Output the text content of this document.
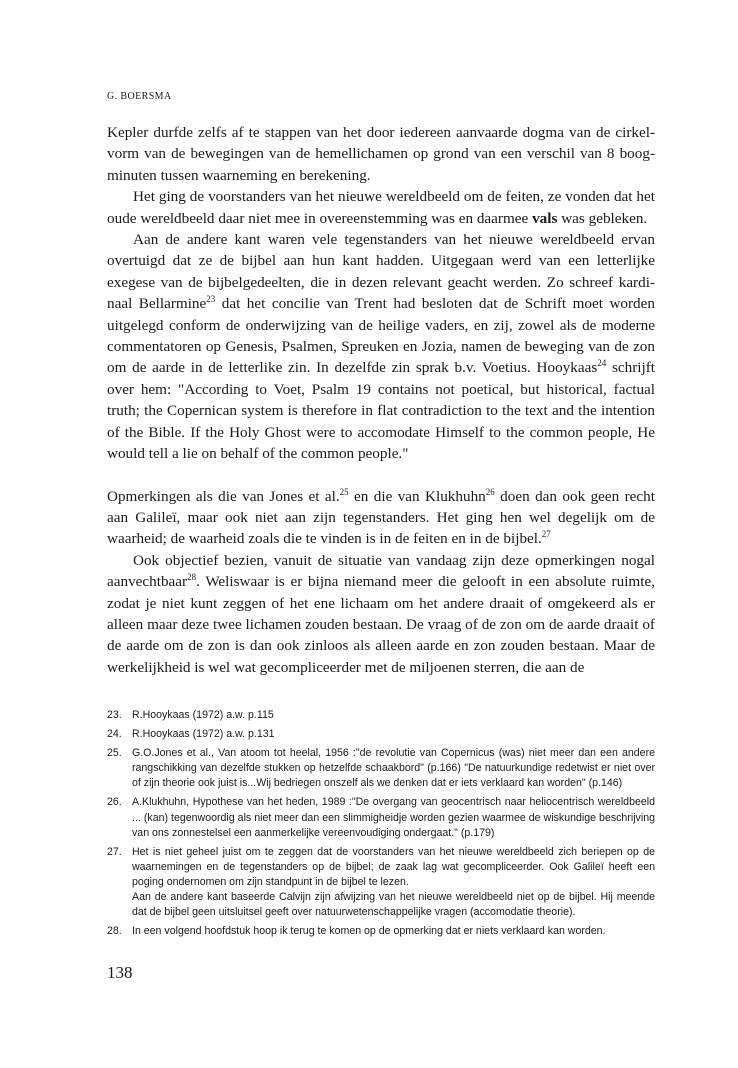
G. BOERSMA

Kepler durfde zelfs af te stappen van het door iedereen aanvaarde dogma van de cirkel-vorm van de bewegingen van de hemellichamen op grond van een verschil van 8 boog-minuten tussen waarneming en berekening.

Het ging de voorstanders van het nieuwe wereldbeeld om de feiten, ze vonden dat het oude wereldbeeld daar niet mee in overeenstemming was en daarmee vals was gebleken.

Aan de andere kant waren vele tegenstanders van het nieuwe wereldbeeld ervan overtuigd dat ze de bijbel aan hun kant hadden. Uitgegaan werd van een letterlijke exegese van de bijbelgedeelten, die in dezen relevant geacht werden. Zo schreef kardi-naal Bellarmine$^{23}$ dat het concilie van Trent had besloten dat de Schrift moet worden uitgelegd conform de onderwijzing van de heilige vaders, en zij, zowel als de moderne commentatoren op Genesis, Psalmen, Spreuken en Jozia, namen de beweging van de zon om de aarde in de letterlike zin. In dezelfde zin sprak b.v. Voetius. Hooykaas$^{24}$ schrijft over hem: "According to Voet, Psalm 19 contains not poetical, but historical, factual truth; the Copernican system is therefore in flat contradiction to the text and the intention of the Bible. If the Holy Ghost were to accomodate Himself to the common people, He would tell a lie on behalf of the common people."

Opmerkingen als die van Jones et al.$^{25}$ en die van Klukhuhn$^{26}$ doen dan ook geen recht aan Galileï, maar ook niet aan zijn tegenstanders. Het ging hen wel degelijk om de waarheid; de waarheid zoals die te vinden is in de feiten en in de bijbel.$^{27}$

Ook objectief bezien, vanuit de situatie van vandaag zijn deze opmerkingen nogal aanvechtbaar$^{28}$. Weliswaar is er bijna niemand meer die gelooft in een absolute ruimte, zodat je niet kunt zeggen of het ene lichaam om het andere draait of omgekeerd als er alleen maar deze twee lichamen zouden bestaan. De vraag of de zon om de aarde draait of de aarde om de zon is dan ook zinloos als alleen aarde en zon zouden bestaan. Maar de werkelijkheid is wel wat gecompliceerder met de miljoenen sterren, die aan de

23. R.Hooykaas (1972) a.w. p.115
24. R.Hooykaas (1972) a.w. p.131
25. G.O.Jones et al., Van atoom tot heelal, 1956 :"de revolutie van Copernicus (was) niet meer dan een andere rangschikking van dezelfde stukken op hetzelfde schaakbord" (p.166) "De natuurkundige redetwist er niet over of zijn theorie ook juist is...Wij bedriegen onszelf als we denken dat er iets verklaard kan worden" (p.146)
26. A.Klukhuhn, Hypothese van het heden, 1989 :"De overgang van geocentrisch naar heliocentrisch wereldbeeld ... (kan) tegenwoordig als niet meer dan een slimmigheidje worden gezien waarmee de wiskundige beschrijving van ons zonnestelsel een aanmerkelijke vereenvoudiging ondergaat." (p.179)
27. Het is niet geheel juist om te zeggen dat de voorstanders van het nieuwe wereldbeeld zich beriepen op de waarnemingen en de tegenstanders op de bijbel; de zaak lag wat gecompliceerder. Ook Galileï heeft een poging ondernomen om zijn standpunt in de bijbel te lezen.
Aan de andere kant baseerde Calvijn zijn afwijzing van het nieuwe wereldbeeld niet op de bijbel. Hij meende dat de bijbel geen uitsluitsel geeft over natuurwetenschappelijke vragen (accomodatie theorie).
28. In een volgend hoofdstuk hoop ik terug te komen op de opmerking dat er niets verklaard kan worden.
138
